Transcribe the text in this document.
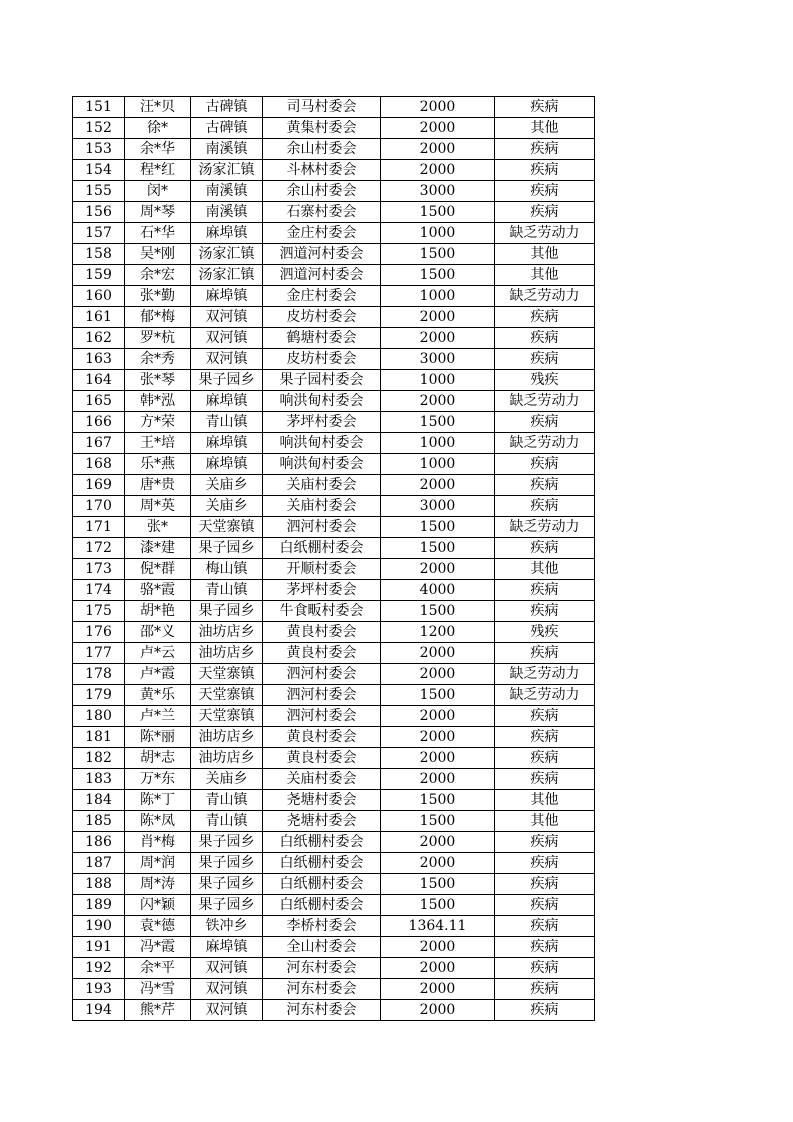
151	汪*贝	古碑镇	司马村委会	2000	疾病
152	徐*	古碑镇	黄集村委会	2000	其他
153	余*华	南溪镇	余山村委会	2000	疾病
154	程*红	汤家汇镇	斗林村委会	2000	疾病
155	闵*	南溪镇	余山村委会	3000	疾病
156	周*琴	南溪镇	石寨村委会	1500	疾病
157	石*华	麻埠镇	金庄村委会	1000	缺乏劳动力
158	吴*刚	汤家汇镇	泗道河村委会	1500	其他
159	余*宏	汤家汇镇	泗道河村委会	1500	其他
160	张*勤	麻埠镇	金庄村委会	1000	缺乏劳动力
161	郁*梅	双河镇	皮坊村委会	2000	疾病
162	罗*杭	双河镇	鹤塘村委会	2000	疾病
163	余*秀	双河镇	皮坊村委会	3000	疾病
164	张*琴	果子园乡	果子园村委会	1000	残疾
165	韩*泓	麻埠镇	响洪甸村委会	2000	缺乏劳动力
166	方*荣	青山镇	茅坪村委会	1500	疾病
167	王*培	麻埠镇	响洪甸村委会	1000	缺乏劳动力
168	乐*燕	麻埠镇	响洪甸村委会	1000	疾病
169	唐*贵	关庙乡	关庙村委会	2000	疾病
170	周*英	关庙乡	关庙村委会	3000	疾病
171	张*	天堂寨镇	泗河村委会	1500	缺乏劳动力
172	漆*建	果子园乡	白纸棚村委会	1500	疾病
173	倪*群	梅山镇	开顺村委会	2000	其他
174	骆*霞	青山镇	茅坪村委会	4000	疾病
175	胡*艳	果子园乡	牛食畈村委会	1500	疾病
176	邵*义	油坊店乡	黄良村委会	1200	残疾
177	卢*云	油坊店乡	黄良村委会	2000	疾病
178	卢*霞	天堂寨镇	泗河村委会	2000	缺乏劳动力
179	黄*乐	天堂寨镇	泗河村委会	1500	缺乏劳动力
180	卢*兰	天堂寨镇	泗河村委会	2000	疾病
181	陈*丽	油坊店乡	黄良村委会	2000	疾病
182	胡*志	油坊店乡	黄良村委会	2000	疾病
183	万*东	关庙乡	关庙村委会	2000	疾病
184	陈*丁	青山镇	尧塘村委会	1500	其他
185	陈*凤	青山镇	尧塘村委会	1500	其他
186	肖*梅	果子园乡	白纸棚村委会	2000	疾病
187	周*润	果子园乡	白纸棚村委会	2000	疾病
188	周*涛	果子园乡	白纸棚村委会	1500	疾病
189	闪*颖	果子园乡	白纸棚村委会	1500	疾病
190	袁*德	铁冲乡	李桥村委会	1364.11	疾病
191	冯*霞	麻埠镇	全山村委会	2000	疾病
192	余*平	双河镇	河东村委会	2000	疾病
193	冯*雪	双河镇	河东村委会	2000	疾病
194	熊*芹	双河镇	河东村委会	2000	疾病
